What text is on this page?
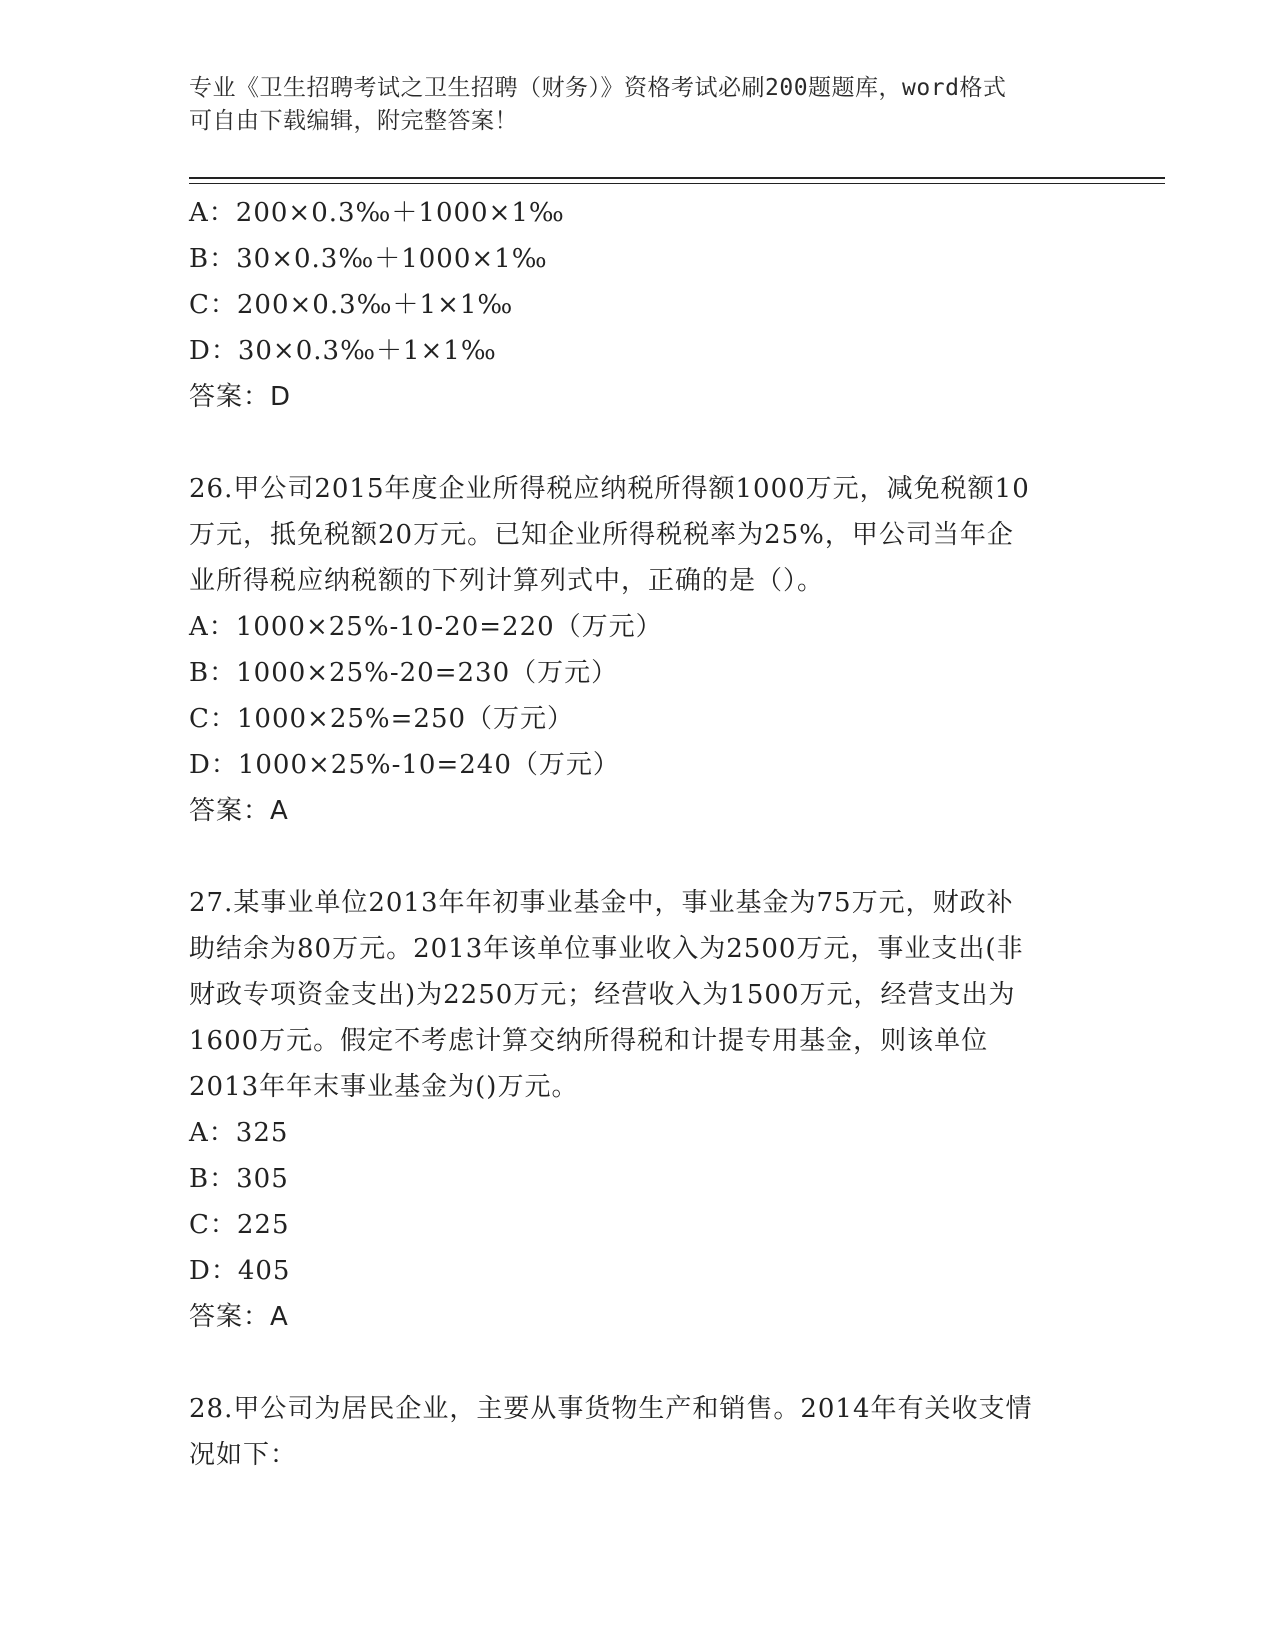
专业《卫生招聘考试之卫生招聘（财务）》资格考试必刷200题题库，word格式
可自由下载编辑，附完整答案！
A：200×0.3‰＋1000×1‰
B：30×0.3‰＋1000×1‰
C：200×0.3‰＋1×1‰
D：30×0.3‰＋1×1‰
答案：D
26.甲公司2015年度企业所得税应纳税所得额1000万元，减免税额10
万元，抵免税额20万元。已知企业所得税税率为25%，甲公司当年企
业所得税应纳税额的下列计算列式中，正确的是（）。
A：1000×25%-10-20=220（万元）
B：1000×25%-20=230（万元）
C：1000×25%=250（万元）
D：1000×25%-10=240（万元）
答案：A
27.某事业单位2013年年初事业基金中，事业基金为75万元，财政补
助结余为80万元。2013年该单位事业收入为2500万元，事业支出(非
财政专项资金支出)为2250万元；经营收入为1500万元，经营支出为
1600万元。假定不考虑计算交纳所得税和计提专用基金，则该单位
2013年年末事业基金为()万元。
A：325
B：305
C：225
D：405
答案：A
28.甲公司为居民企业，主要从事货物生产和销售。2014年有关收支情
况如下：
